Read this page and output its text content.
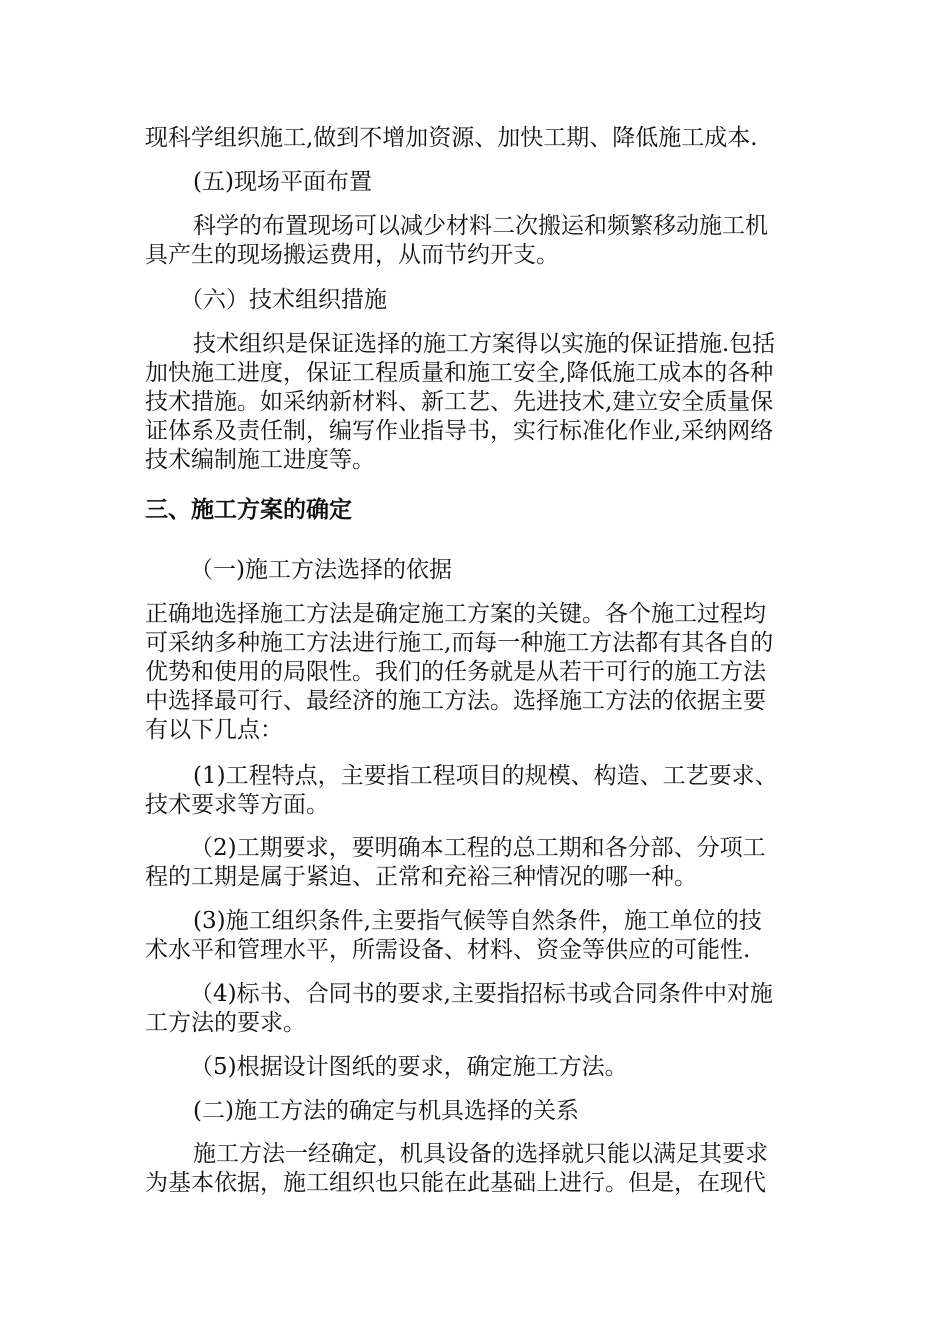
现科学组织施工,做到不增加资源、加快工期、降低施工成本.
(五)现场平面布置
科学的布置现场可以减少材料二次搬运和频繁移动施工机
具产生的现场搬运费用，从而节约开支。
（六）技术组织措施
技术组织是保证选择的施工方案得以实施的保证措施.包括
加快施工进度，保证工程质量和施工安全,降低施工成本的各种
技术措施。如采纳新材料、新工艺、先进技术,建立安全质量保
证体系及责任制，编写作业指导书，实行标准化作业,采纳网络
技术编制施工进度等。
三、施工方案的确定
（一)施工方法选择的依据
正确地选择施工方法是确定施工方案的关键。各个施工过程均
可采纳多种施工方法进行施工,而每一种施工方法都有其各自的
优势和使用的局限性。我们的任务就是从若干可行的施工方法
中选择最可行、最经济的施工方法。选择施工方法的依据主要
有以下几点：
(1)工程特点，主要指工程项目的规模、构造、工艺要求、
技术要求等方面。
（2)工期要求，要明确本工程的总工期和各分部、分项工
程的工期是属于紧迫、正常和充裕三种情况的哪一种。
(3)施工组织条件,主要指气候等自然条件，施工单位的技
术水平和管理水平，所需设备、材料、资金等供应的可能性.
（4)标书、合同书的要求,主要指招标书或合同条件中对施
工方法的要求。
（5)根据设计图纸的要求，确定施工方法。
(二)施工方法的确定与机具选择的关系
施工方法一经确定，机具设备的选择就只能以满足其要求
为基本依据，施工组织也只能在此基础上进行。但是，在现代
